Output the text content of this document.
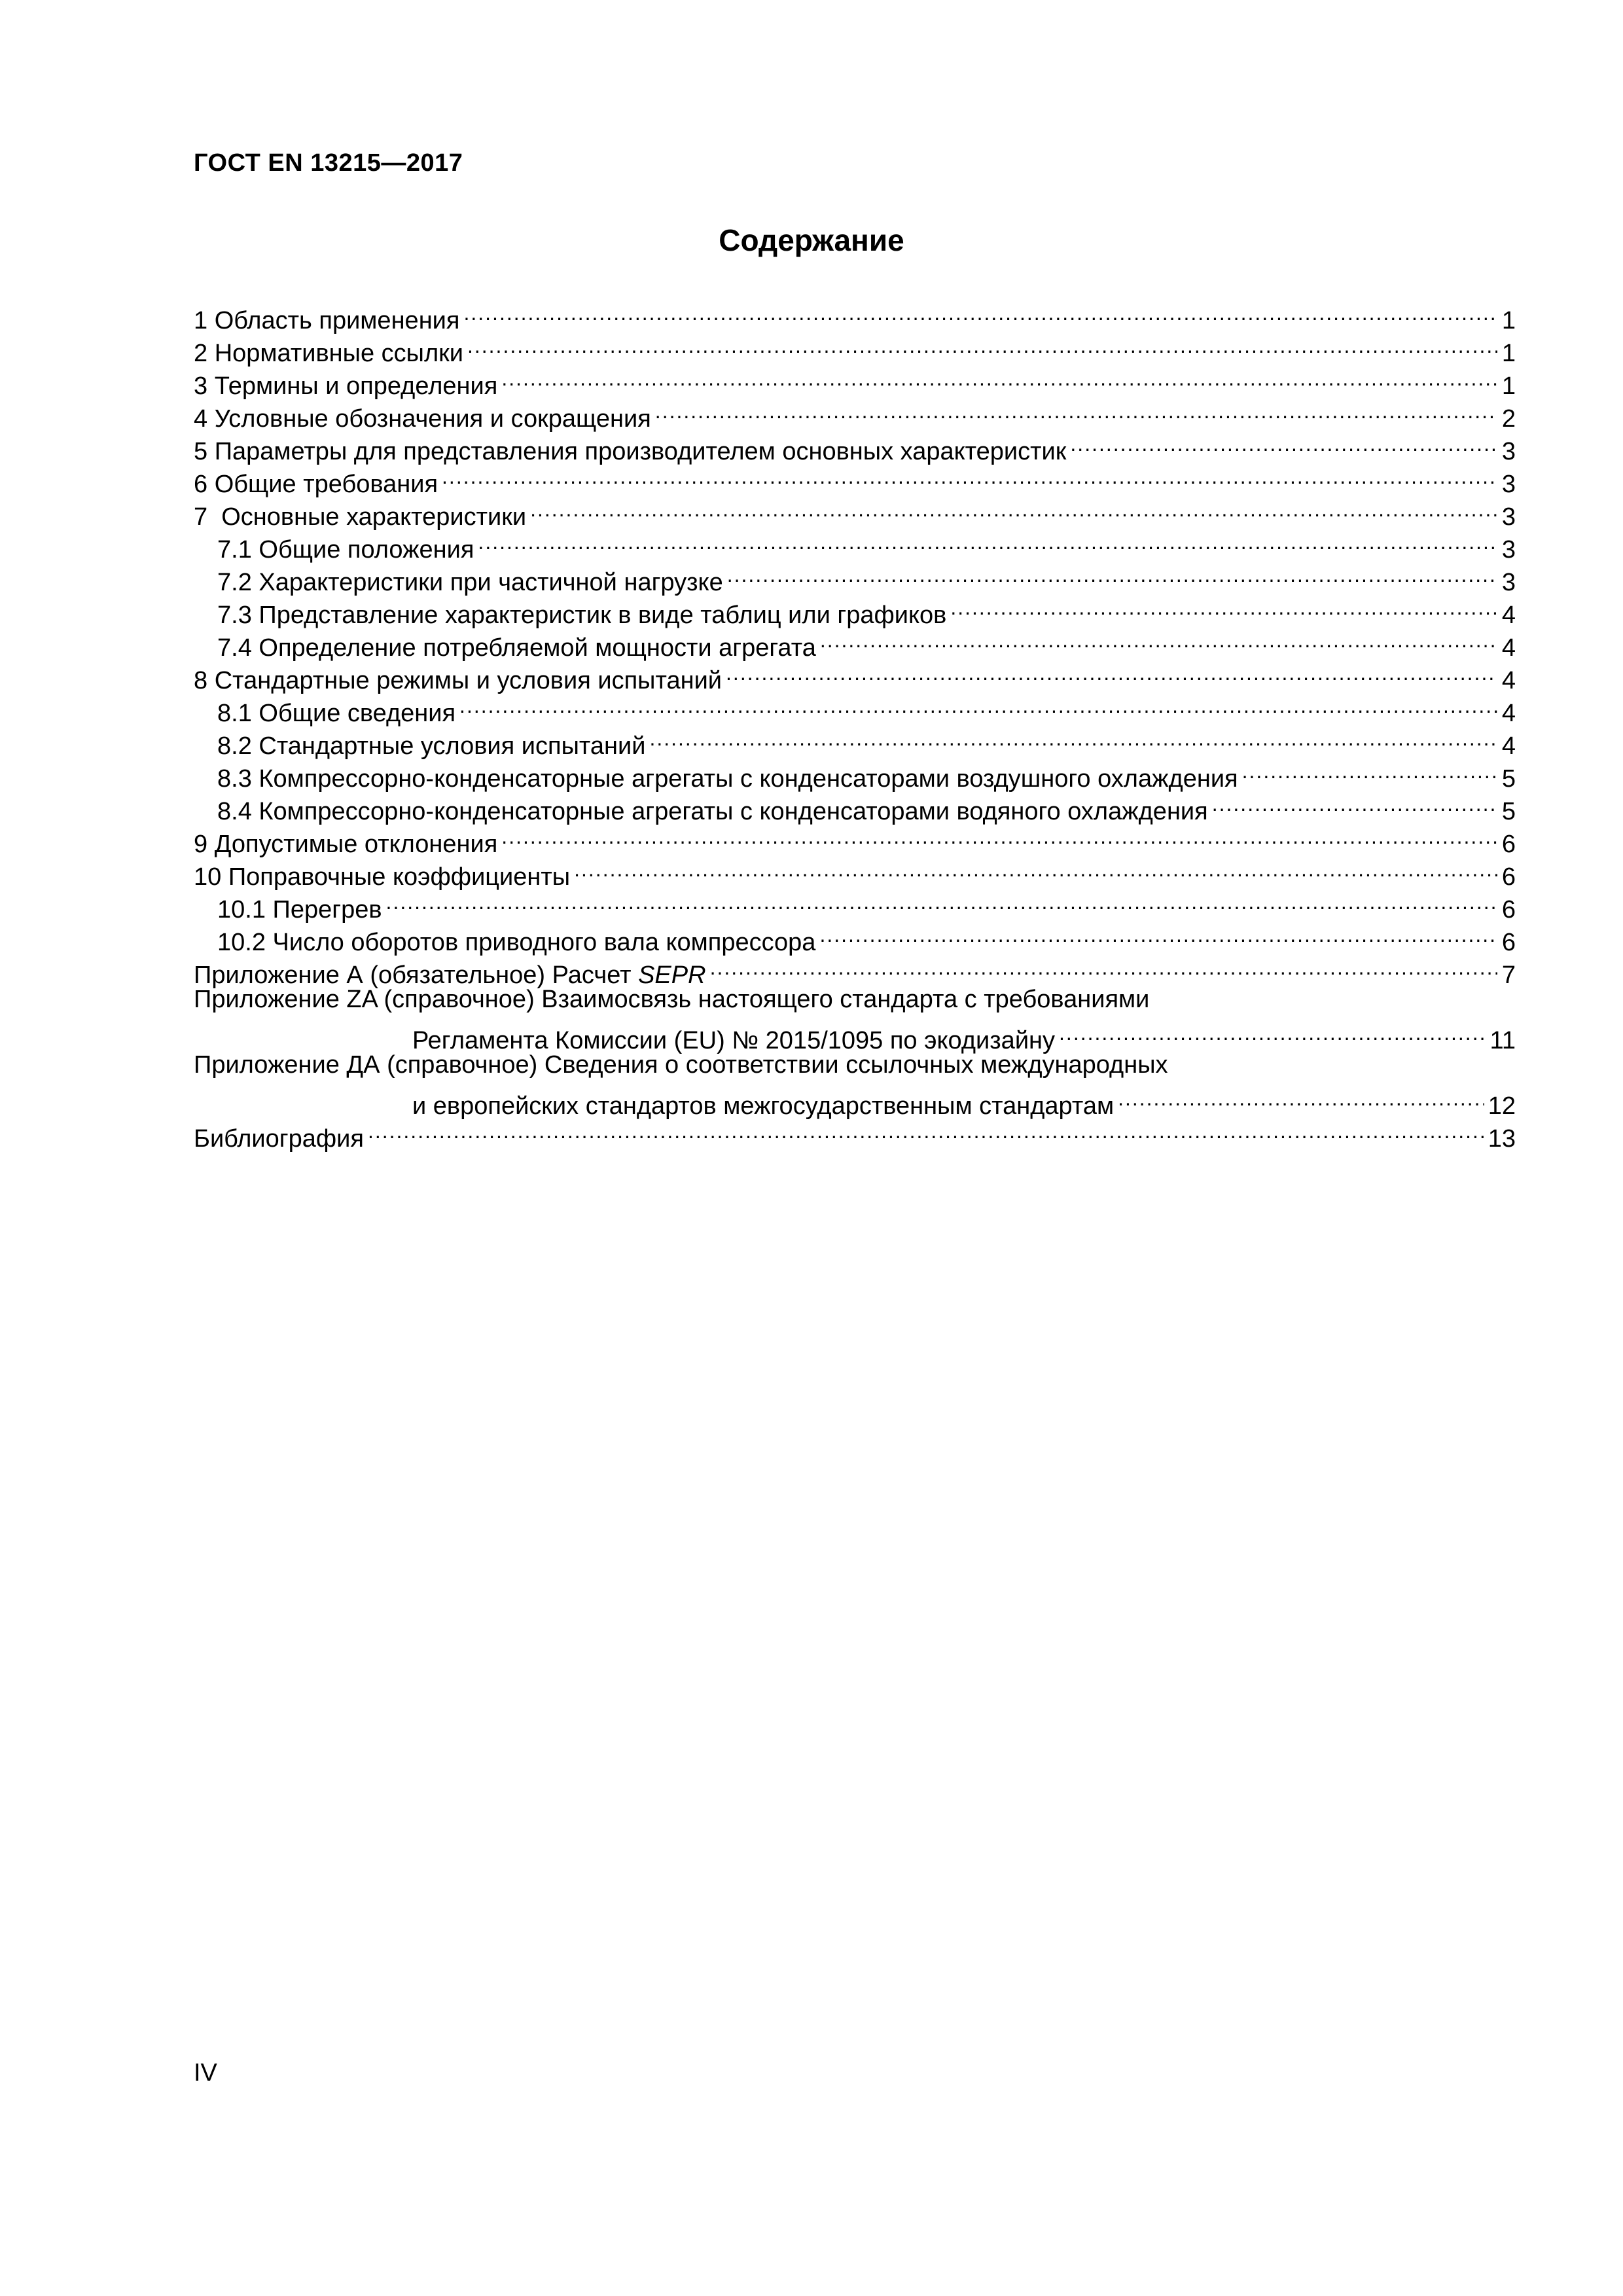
ГОСТ EN 13215—2017
Содержание
1 Область применения .....	1
2 Нормативные ссылки .....	1
3 Термины и определения .....	1
4 Условные обозначения и сокращения .....	2
5 Параметры для представления производителем основных характеристик .....	3
6 Общие требования .....	3
7  Основные характеристики .....	3
7.1 Общие положения .....	3
7.2 Характеристики при частичной нагрузке .....	3
7.3 Представление характеристик в виде таблиц или графиков .....	4
7.4 Определение потребляемой мощности агрегата .....	4
8 Стандартные режимы и условия испытаний .....	4
8.1 Общие сведения .....	4
8.2 Стандартные условия испытаний .....	4
8.3 Компрессорно-конденсаторные агрегаты с конденсаторами воздушного охлаждения .....	5
8.4 Компрессорно-конденсаторные агрегаты с конденсаторами водяного охлаждения .....	5
9 Допустимые отклонения .....	6
10 Поправочные коэффициенты .....	6
10.1 Перегрев .....	6
10.2 Число оборотов приводного вала компрессора .....	6
Приложение А (обязательное) Расчет SEPR .....	7
Приложение ZA (справочное) Взаимосвязь настоящего стандарта с требованиями
Регламента Комиссии (EU) № 2015/1095 по экодизайну .....	11
Приложение ДА (справочное) Сведения о соответствии ссылочных международных
и европейских стандартов межгосударственным стандартам .....	12
Библиография .....	13
IV
